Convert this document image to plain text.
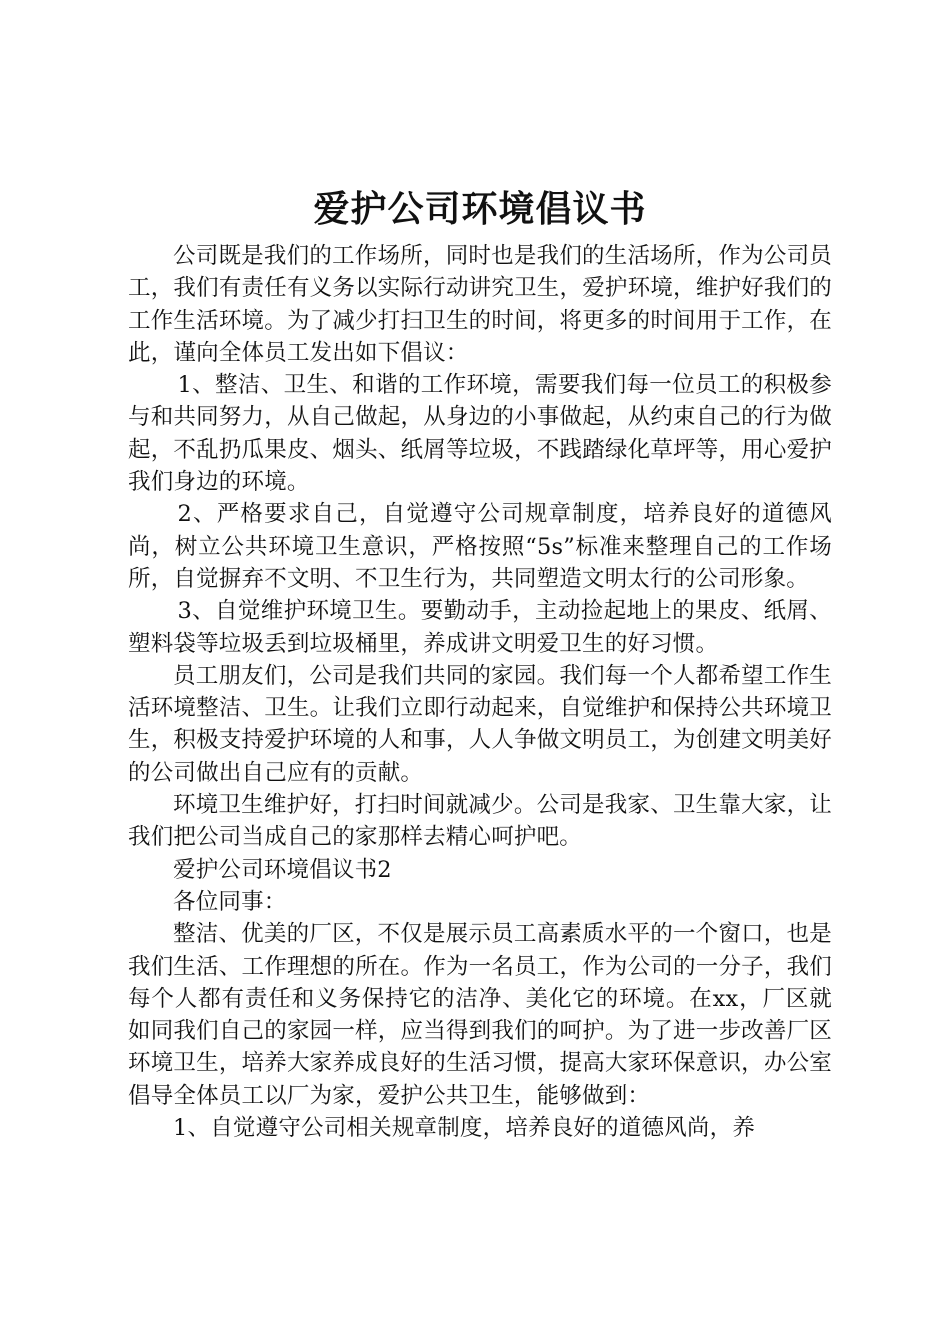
爱护公司环境倡议书

公司既是我们的工作场所，同时也是我们的生活场所，作为公司员工，我们有责任有义务以实际行动讲究卫生，爱护环境，维护好我们的工作生活环境。为了减少打扫卫生的时间，将更多的时间用于工作，在此，谨向全体员工发出如下倡议：

1、整洁、卫生、和谐的工作环境，需要我们每一位员工的积极参与和共同努力，从自己做起，从身边的小事做起，从约束自己的行为做起，不乱扔瓜果皮、烟头、纸屑等垃圾，不践踏绿化草坪等，用心爱护我们身边的环境。

2、严格要求自己，自觉遵守公司规章制度，培养良好的道德风尚，树立公共环境卫生意识，严格按照“5s”标准来整理自己的工作场所，自觉摒弃不文明、不卫生行为，共同塑造文明太行的公司形象。

3、自觉维护环境卫生。要勤动手，主动捡起地上的果皮、纸屑、塑料袋等垃圾丢到垃圾桶里，养成讲文明爱卫生的好习惯。

员工朋友们，公司是我们共同的家园。我们每一个人都希望工作生活环境整洁、卫生。让我们立即行动起来，自觉维护和保持公共环境卫生，积极支持爱护环境的人和事，人人争做文明员工，为创建文明美好的公司做出自己应有的贡献。

环境卫生维护好，打扫时间就减少。公司是我家、卫生靠大家，让我们把公司当成自己的家那样去精心呵护吧。

爱护公司环境倡议书2

各位同事：

整洁、优美的厂区，不仅是展示员工高素质水平的一个窗口，也是我们生活、工作理想的所在。作为一名员工，作为公司的一分子，我们每个人都有责任和义务保持它的洁净、美化它的环境。在xx，厂区就如同我们自己的家园一样，应当得到我们的呵护。为了进一步改善厂区环境卫生，培养大家养成良好的生活习惯，提高大家环保意识，办公室倡导全体员工以厂为家，爱护公共卫生，能够做到：

1、自觉遵守公司相关规章制度，培养良好的道德风尚，养
